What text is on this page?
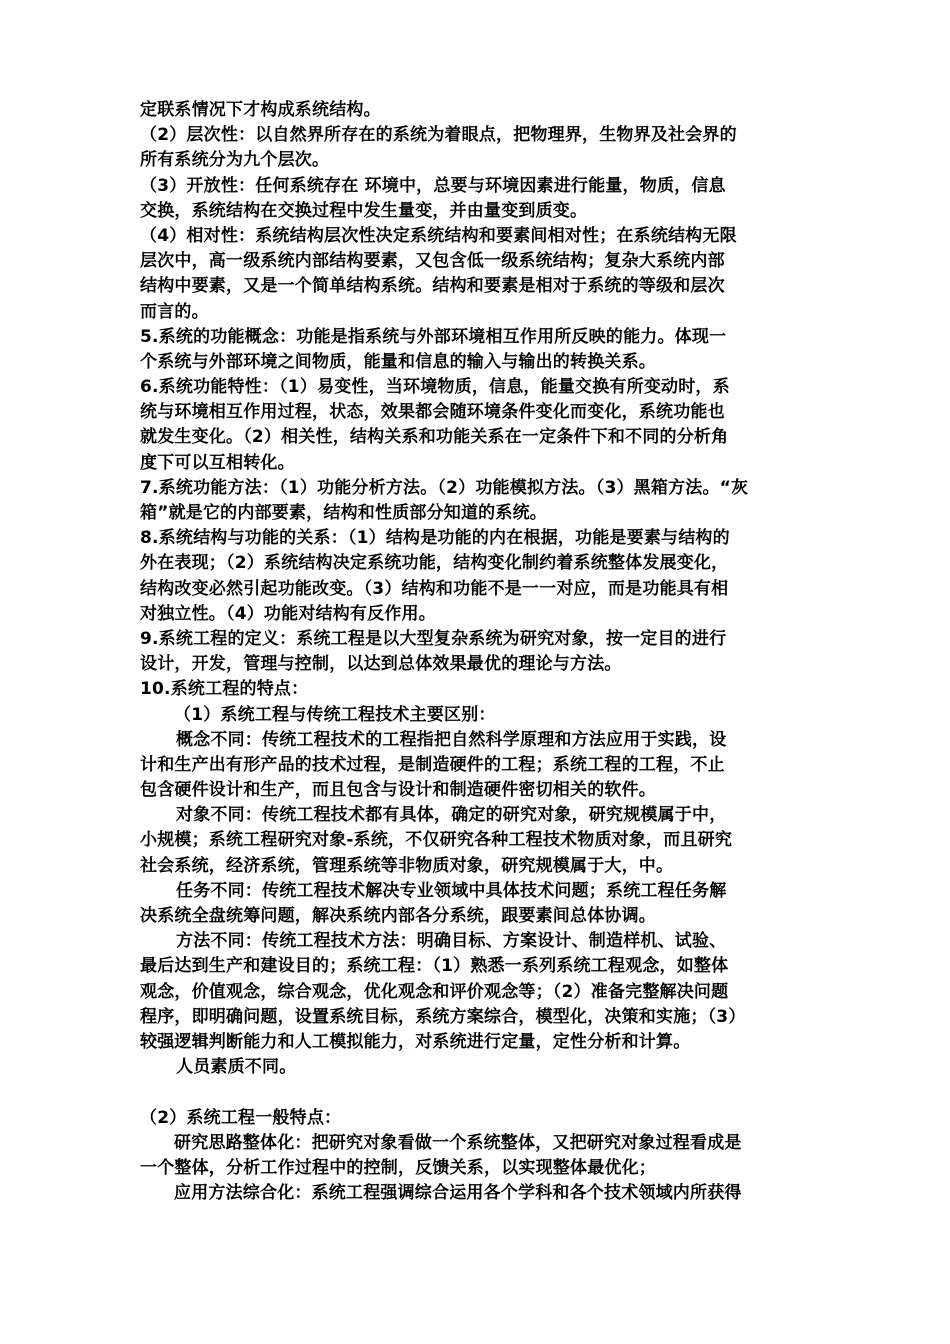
定联系情况下才构成系统结构。
（2）层次性：以自然界所存在的系统为着眼点，把物理界，生物界及社会界的
所有系统分为九个层次。
（3）开放性：任何系统存在 环境中，总要与环境因素进行能量，物质，信息
交换，系统结构在交换过程中发生量变，并由量变到质变。
（4）相对性：系统结构层次性决定系统结构和要素间相对性；在系统结构无限
层次中，高一级系统内部结构要素，又包含低一级系统结构；复杂大系统内部
结构中要素，又是一个简单结构系统。结构和要素是相对于系统的等级和层次
而言的。
5.系统的功能概念：功能是指系统与外部环境相互作用所反映的能力。体现一
个系统与外部环境之间物质，能量和信息的输入与输出的转换关系。
6.系统功能特性：（1）易变性，当环境物质，信息，能量交换有所变动时，系
统与环境相互作用过程，状态，效果都会随环境条件变化而变化，系统功能也
就发生变化。（2）相关性，结构关系和功能关系在一定条件下和不同的分析角
度下可以互相转化。
7.系统功能方法：（1）功能分析方法。（2）功能模拟方法。（3）黑箱方法。“灰
箱”就是它的内部要素，结构和性质部分知道的系统。
8.系统结构与功能的关系：（1）结构是功能的内在根据，功能是要素与结构的
外在表现；（2）系统结构决定系统功能，结构变化制约着系统整体发展变化，
结构改变必然引起功能改变。（3）结构和功能不是一一对应，而是功能具有相
对独立性。（4）功能对结构有反作用。
9.系统工程的定义：系统工程是以大型复杂系统为研究对象，按一定目的进行
设计，开发，管理与控制，以达到总体效果最优的理论与方法。
10.系统工程的特点：
（1）系统工程与传统工程技术主要区别：
概念不同：传统工程技术的工程指把自然科学原理和方法应用于实践，设
计和生产出有形产品的技术过程，是制造硬件的工程；系统工程的工程，不止
包含硬件设计和生产，而且包含与设计和制造硬件密切相关的软件。
对象不同：传统工程技术都有具体，确定的研究对象，研究规模属于中，
小规模；系统工程研究对象-系统，不仅研究各种工程技术物质对象，而且研究
社会系统，经济系统，管理系统等非物质对象，研究规模属于大，中。
任务不同：传统工程技术解决专业领域中具体技术问题；系统工程任务解
决系统全盘统筹问题，解决系统内部各分系统，跟要素间总体协调。
方法不同：传统工程技术方法：明确目标、方案设计、制造样机、试验、
最后达到生产和建设目的；系统工程：（1）熟悉一系列系统工程观念，如整体
观念，价值观念，综合观念，优化观念和评价观念等；（2）准备完整解决问题
程序，即明确问题，设置系统目标，系统方案综合，模型化，决策和实施；（3）
较强逻辑判断能力和人工模拟能力，对系统进行定量，定性分析和计算。
人员素质不同。
（2）系统工程一般特点：
研究思路整体化：把研究对象看做一个系统整体，又把研究对象过程看成是
一个整体，分析工作过程中的控制，反馈关系，以实现整体最优化；
应用方法综合化：系统工程强调综合运用各个学科和各个技术领域内所获得
